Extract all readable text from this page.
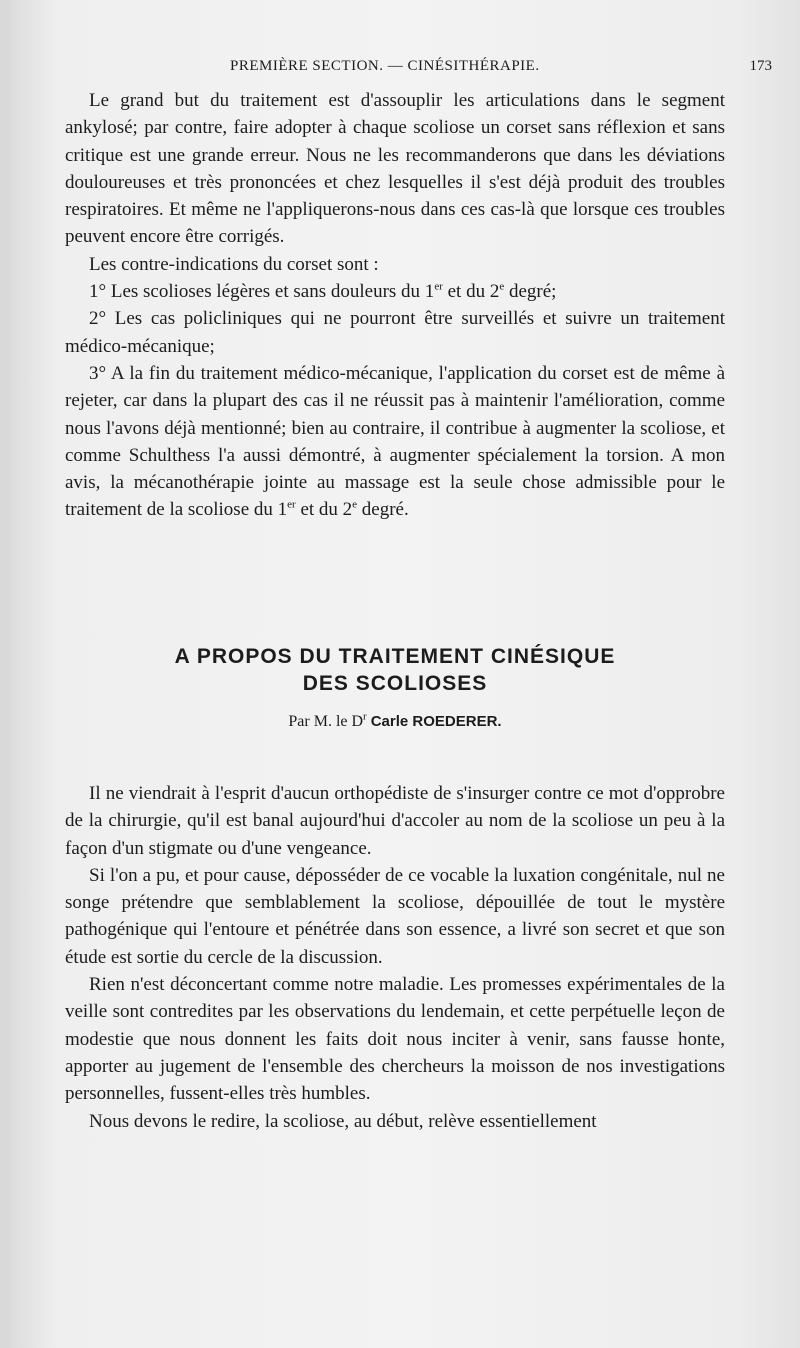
PREMIÈRE SECTION. — CINÉSITHÉRAPIE.	173

Le grand but du traitement est d'assouplir les articulations dans le segment ankylosé; par contre, faire adopter à chaque scoliose un corset sans réflexion et sans critique est une grande erreur. Nous ne les recommanderons que dans les déviations douloureuses et très prononcées et chez lesquelles il s'est déjà produit des troubles respiratoires. Et même ne l'appliquerons-nous dans ces cas-là que lorsque ces troubles peuvent encore être corrigés.

Les contre-indications du corset sont :

1° Les scolioses légères et sans douleurs du 1er et du 2e degré;

2° Les cas policliniques qui ne pourront être surveillés et suivre un traitement médico-mécanique;

3° A la fin du traitement médico-mécanique, l'application du corset est de même à rejeter, car dans la plupart des cas il ne réussit pas à maintenir l'amélioration, comme nous l'avons déjà mentionné; bien au contraire, il contribue à augmenter la scoliose, et comme Schulthess l'a aussi démontré, à augmenter spécialement la torsion. A mon avis, la mécanothérapie jointe au massage est la seule chose admissible pour le traitement de la scoliose du 1er et du 2e degré.

A PROPOS DU TRAITEMENT CINÉSIQUE
DES SCOLIOSES
Par M. le $D^r$ Carle ROEDERER.

Il ne viendrait à l'esprit d'aucun orthopédiste de s'insurger contre ce mot d'opprobre de la chirurgie, qu'il est banal aujourd'hui d'accoler au nom de la scoliose un peu à la façon d'un stigmate ou d'une vengeance.

Si l'on a pu, et pour cause, déposséder de ce vocable la luxation congénitale, nul ne songe prétendre que semblablement la scoliose, dépouillée de tout le mystère pathogénique qui l'entoure et pénétrée dans son essence, a livré son secret et que son étude est sortie du cercle de la discussion.

Rien n'est déconcertant comme notre maladie. Les promesses expérimentales de la veille sont contredites par les observations du lendemain, et cette perpétuelle leçon de modestie que nous donnent les faits doit nous inciter à venir, sans fausse honte, apporter au jugement de l'ensemble des chercheurs la moisson de nos investigations personnelles, fussent-elles très humbles.

Nous devons le redire, la scoliose, au début, relève essentiellement
